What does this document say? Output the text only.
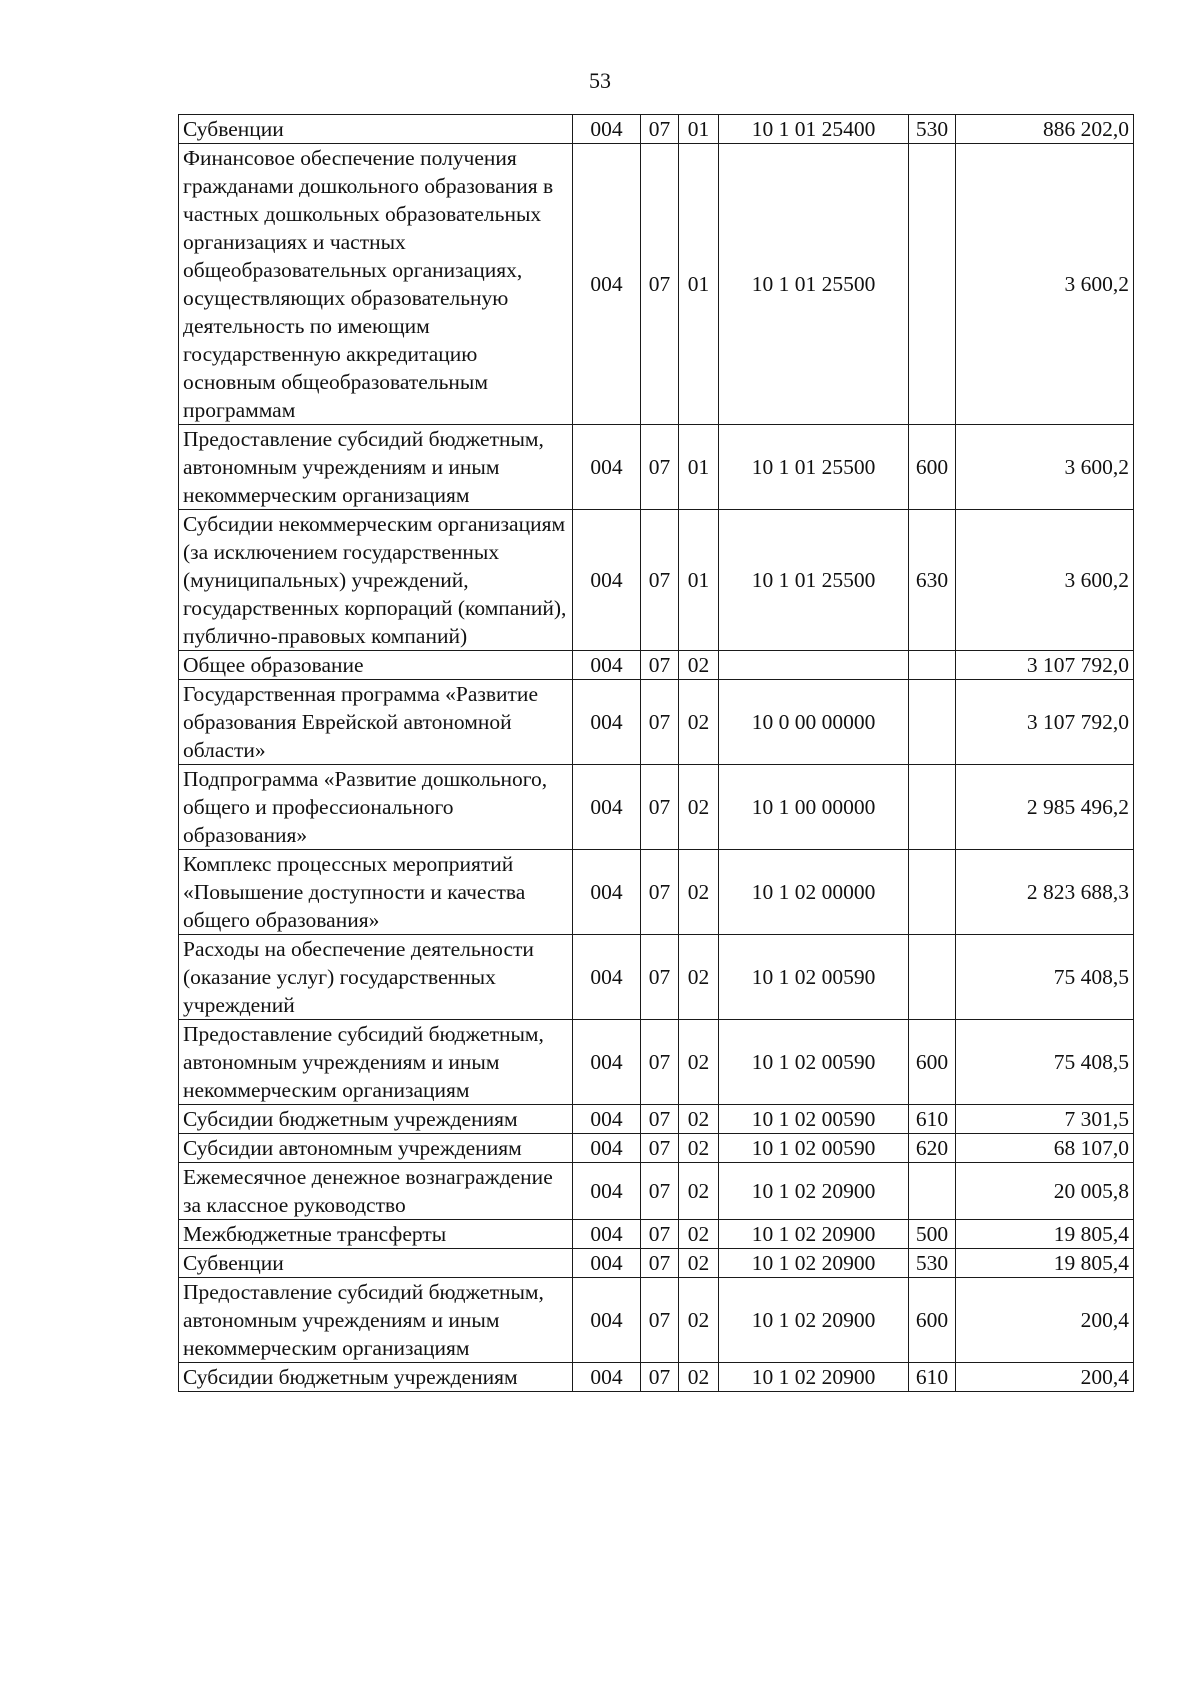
53
Субвенции	004	07	01	10 1 01 25400	530	886 202,0
Финансовое обеспечение получения гражданами дошкольного образования в частных дошкольных образовательных организациях и частных общеобразовательных организациях, осуществляющих образовательную деятельность по имеющим государственную аккредитацию основным общеобразовательным программам	004	07	01	10 1 01 25500		3 600,2
Предоставление субсидий бюджетным, автономным учреждениям и иным некоммерческим организациям	004	07	01	10 1 01 25500	600	3 600,2
Субсидии некоммерческим организациям (за исключением государственных (муниципальных) учреждений, государственных корпораций (компаний), публично-правовых компаний)	004	07	01	10 1 01 25500	630	3 600,2
Общее образование	004	07	02			3 107 792,0
Государственная программа «Развитие образования Еврейской автономной области»	004	07	02	10 0 00 00000		3 107 792,0
Подпрограмма «Развитие дошкольного, общего и профессионального образования»	004	07	02	10 1 00 00000		2 985 496,2
Комплекс процессных мероприятий «Повышение доступности и качества общего образования»	004	07	02	10 1 02 00000		2 823 688,3
Расходы на обеспечение деятельности (оказание услуг) государственных учреждений	004	07	02	10 1 02 00590		75 408,5
Предоставление субсидий бюджетным, автономным учреждениям и иным некоммерческим организациям	004	07	02	10 1 02 00590	600	75 408,5
Субсидии бюджетным учреждениям	004	07	02	10 1 02 00590	610	7 301,5
Субсидии автономным учреждениям	004	07	02	10 1 02 00590	620	68 107,0
Ежемесячное денежное вознаграждение за классное руководство	004	07	02	10 1 02 20900		20 005,8
Межбюджетные трансферты	004	07	02	10 1 02 20900	500	19 805,4
Субвенции	004	07	02	10 1 02 20900	530	19 805,4
Предоставление субсидий бюджетным, автономным учреждениям и иным некоммерческим организациям	004	07	02	10 1 02 20900	600	200,4
Субсидии бюджетным учреждениям	004	07	02	10 1 02 20900	610	200,4
